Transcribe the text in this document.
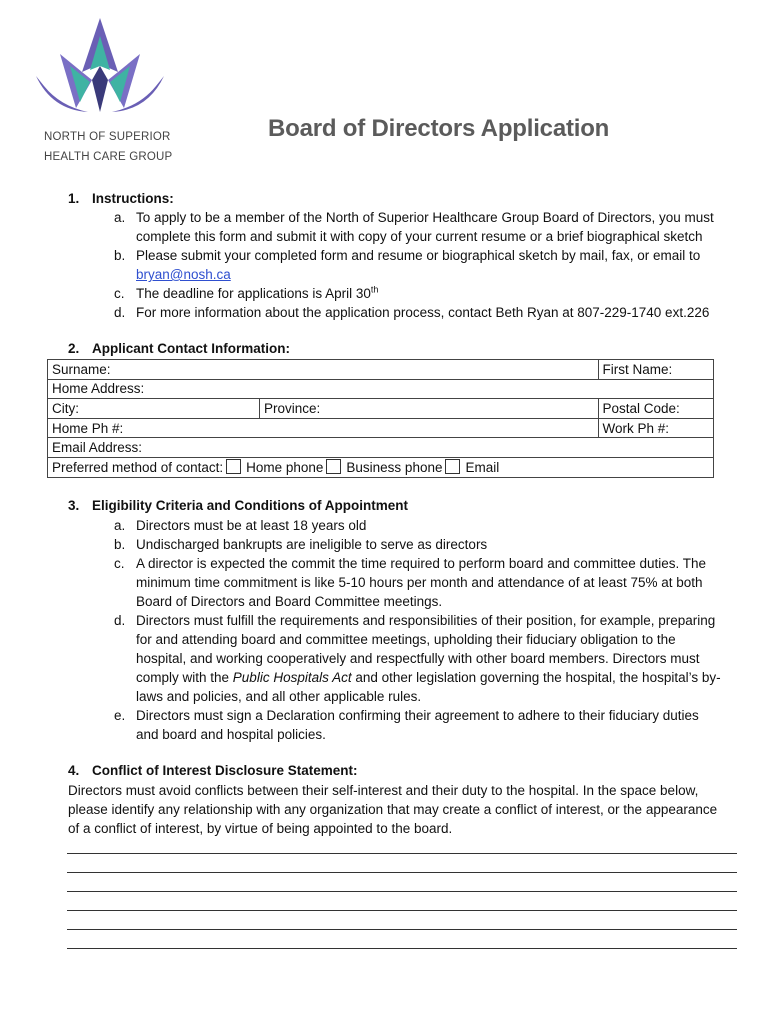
NORTH OF SUPERIOR
HEALTH CARE GROUP
Board of Directors Application
1. Instructions:
a. To apply to be a member of the North of Superior Healthcare Group Board of Directors, you must
complete this form and submit it with copy of your current resume or a brief biographical sketch
b. Please submit your completed form and resume or biographical sketch by mail, fax, or email to
bryan@nosh.ca
c. The deadline for applications is April 30th
d. For more information about the application process, contact Beth Ryan at 807-229-1740 ext.226
2. Applicant Contact Information:
Surname:		First Name:
Home Address:		
City:	Province:	Postal Code:
Home Ph #:		Work Ph #:
Email Address:		
Preferred method of contact: Home phone Business phone Email		
3. Eligibility Criteria and Conditions of Appointment
a. Directors must be at least 18 years old
b. Undischarged bankrupts are ineligible to serve as directors
c. A director is expected the commit the time required to perform board and committee duties. The
minimum time commitment is like 5-10 hours per month and attendance of at least 75% at both
Board of Directors and Board Committee meetings.
d. Directors must fulfill the requirements and responsibilities of their position, for example, preparing
for and attending board and committee meetings, upholding their fiduciary obligation to the
hospital, and working cooperatively and respectfully with other board members. Directors must
comply with the Public Hospitals Act and other legislation governing the hospital, the hospital’s by-
laws and policies, and all other applicable rules.
e. Directors must sign a Declaration confirming their agreement to adhere to their fiduciary duties
and board and hospital policies.
4. Conflict of Interest Disclosure Statement:
Directors must avoid conflicts between their self-interest and their duty to the hospital. In the space below,
please identify any relationship with any organization that may create a conflict of interest, or the appearance
of a conflict of interest, by virtue of being appointed to the board.
